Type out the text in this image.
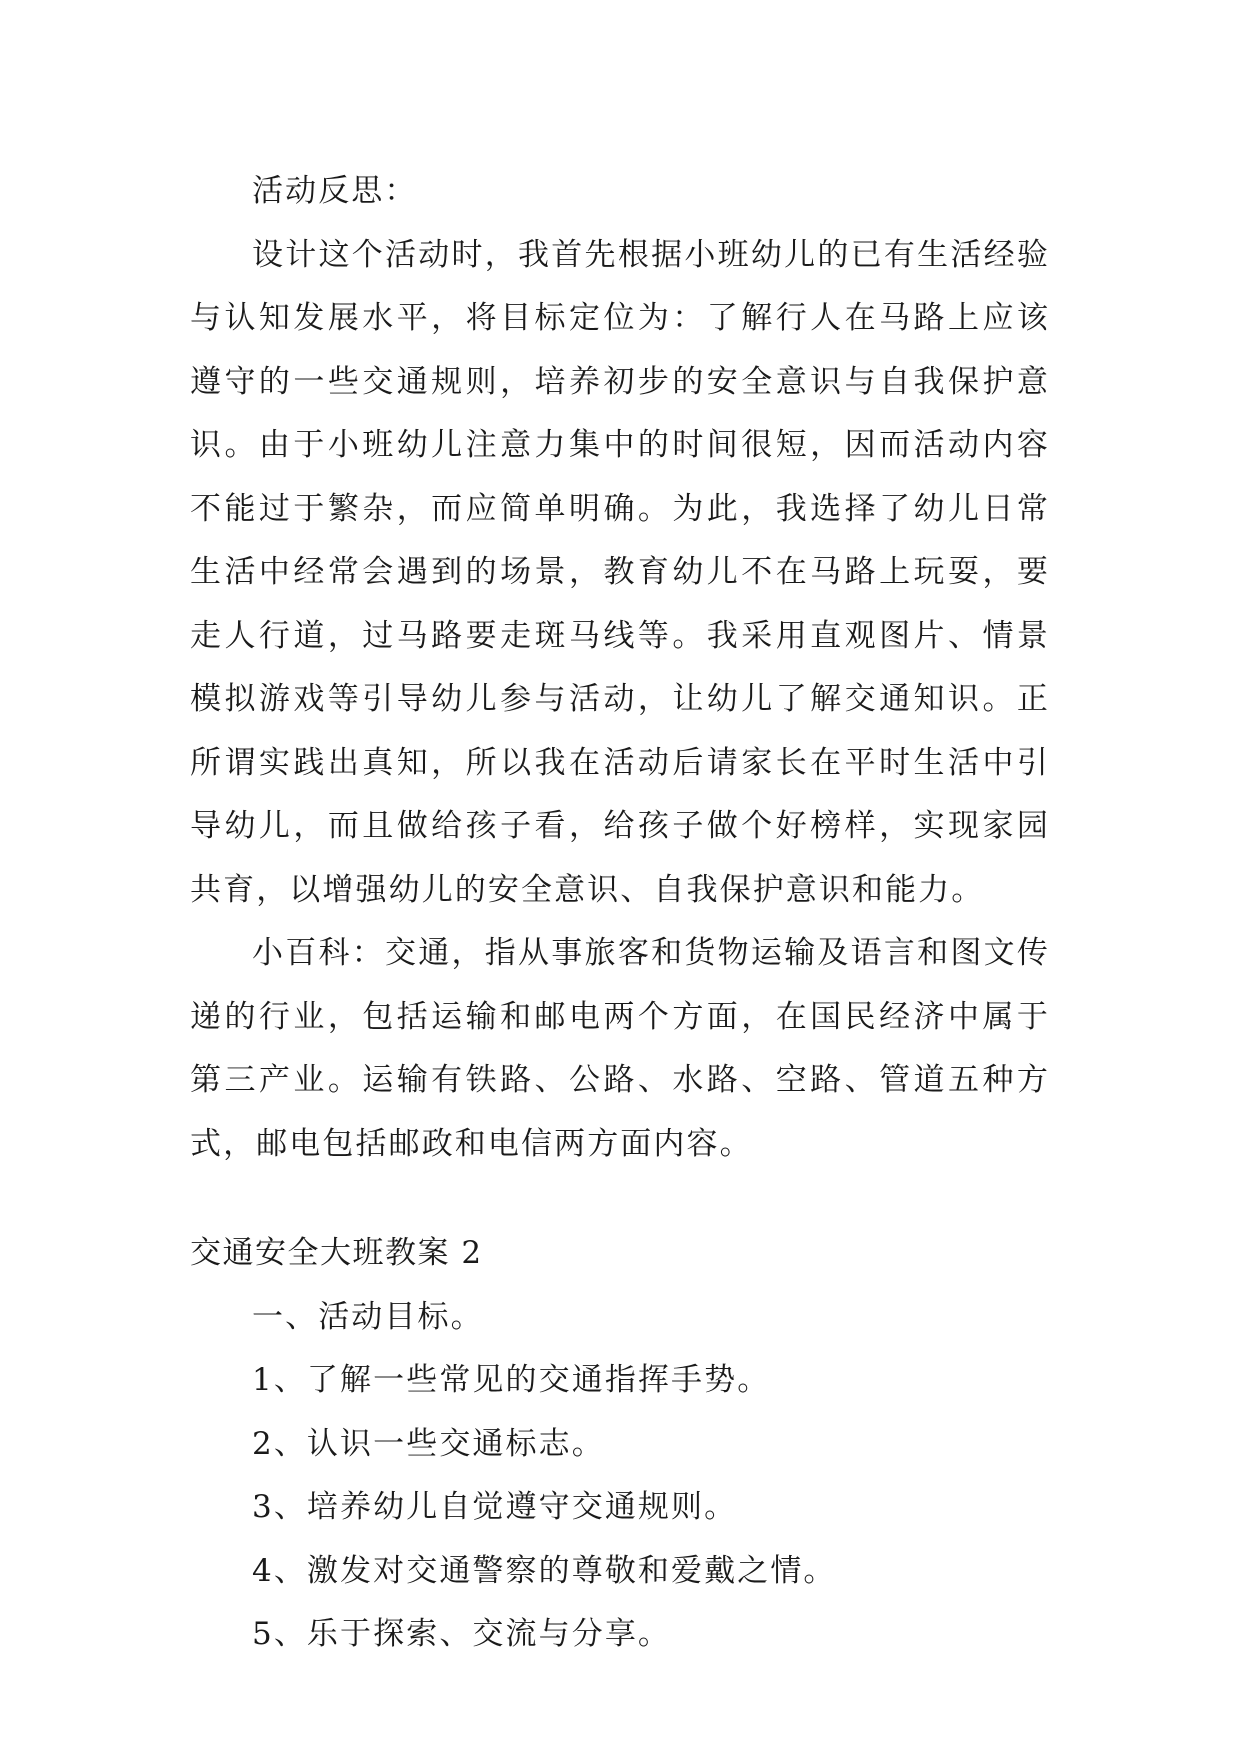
活动反思：

设计这个活动时，我首先根据小班幼儿的已有生活经验与认知发展水平，将目标定位为：了解行人在马路上应该遵守的一些交通规则，培养初步的安全意识与自我保护意识。由于小班幼儿注意力集中的时间很短，因而活动内容不能过于繁杂，而应简单明确。为此，我选择了幼儿日常生活中经常会遇到的场景，教育幼儿不在马路上玩耍，要走人行道，过马路要走斑马线等。我采用直观图片、情景模拟游戏等引导幼儿参与活动，让幼儿了解交通知识。正所谓实践出真知，所以我在活动后请家长在平时生活中引导幼儿，而且做给孩子看，给孩子做个好榜样，实现家园共育，以增强幼儿的安全意识、自我保护意识和能力。

小百科：交通，指从事旅客和货物运输及语言和图文传递的行业，包括运输和邮电两个方面，在国民经济中属于第三产业。运输有铁路、公路、水路、空路、管道五种方式，邮电包括邮政和电信两方面内容。

交通安全大班教案 2

一、活动目标。

1、了解一些常见的交通指挥手势。

2、认识一些交通标志。

3、培养幼儿自觉遵守交通规则。

4、激发对交通警察的尊敬和爱戴之情。

5、乐于探索、交流与分享。
